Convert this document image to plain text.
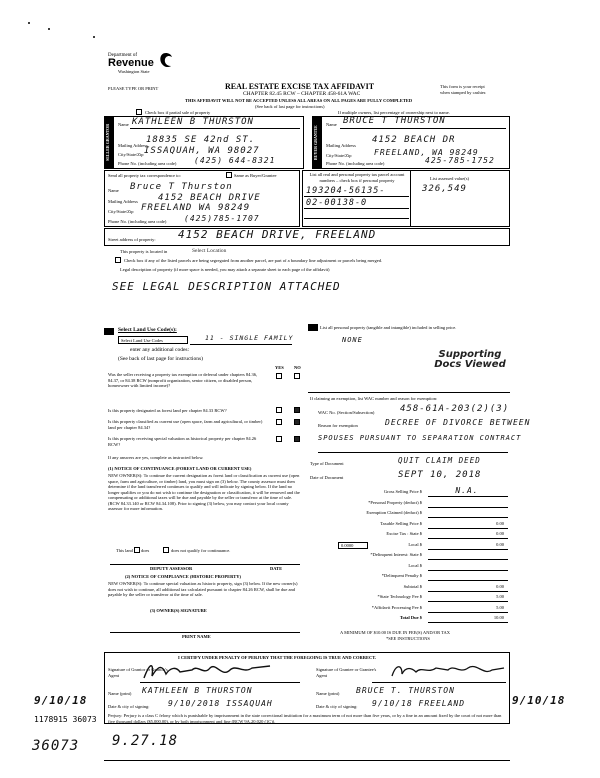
Department of
Revenue
Washington State
PLEASE TYPE OR PRINT	REAL ESTATE EXCISE TAX AFFIDAVIT
CHAPTER 82.45 RCW – CHAPTER 458-61A WAC
THIS AFFIDAVIT WILL NOT BE ACCEPTED UNLESS ALL AREAS ON ALL PAGES ARE FULLY COMPLETED
(See back of last page for instructions)
This form is your receipt
when stamped by cashier.
Check box if partial sale of property	If multiple owners, list percentage of ownership next to name.
SELLER GRANTOR	Name KATHLEEN B THURSTON
Mailing Address
18835 SE 42nd ST.
City/State/Zip ISSAQUAH, WA 98027
Phone No. (including area code) (425) 644-8321
BUYER GRANTEE
Name BRUCE T THURSTON
Mailing Address
4152 BEACH DR
City/State/Zip	FREELAND, WA 98249
Phone No. (including area code)	425-785-1752
Send all property tax correspondence to:	Same as Buyer/Grantee
Name Bruce T Thurston
Mailing Address 4152 BEACH DRIVE
City/State/Zip FREELAND WA 98249
Phone No. (including area code) (425)785-1707
List all real and personal property tax parcel account numbers – check box if personal property	List assessed value(s)
193204-56135-
02-00138-0
326,549
Street address of property: 4152 BEACH DRIVE, FREELAND
This property is located in	Select Location
Check box if any of the listed parcels are being segregated from another parcel, are part of a boundary line adjustment or parcels being merged.
Legal description of property (if more space is needed, you may attach a separate sheet to each page of the affidavit)
SEE LEGAL DESCRIPTION ATTACHED
Select Land Use Code(s):
Select Land Use Codes	11 - SINGLE FAMILY
enter any additional codes:
(See back of last page for instructions)
YES NO
Was the seller receiving a property tax exemption or deferral under chapters 84.36, 84.37, or 84.38 RCW (nonprofit organization, senior citizen, or disabled person, homeowner with limited income)?
Is this property designated as forest land per chapter 84.33 RCW?
Is this property classified as current use (open space, farm and agricultural, or timber) land per chapter 84.34?
Is this property receiving special valuation as historical property per chapter 84.26 RCW?
If any answers are yes, complete as instructed below.
(1) NOTICE OF CONTINUANCE (FOREST LAND OR CURRENT USE)
NEW OWNER(S): To continue the current designation as forest land or classification as current use (open space, farm and agriculture, or timber) land, you must sign on (3) below. The county assessor must then determine if the land transferred continues to qualify and will indicate by signing below. If the land no longer qualifies or you do not wish to continue the designation or classification, it will be removed and the compensating or additional taxes will be due and payable by the seller or transferor at the time of sale. (RCW 84.33.140 or RCW 84.34.108). Prior to signing (3) below, you may contact your local county assessor for more information.
This land does	does not qualify for continuance.
DEPUTY ASSESSOR	DATE
(2) NOTICE OF COMPLIANCE (HISTORIC PROPERTY)
NEW OWNER(S): To continue special valuation as historic property, sign (3) below. If the new owner(s) does not wish to continue, all additional tax calculated pursuant to chapter 84.26 RCW, shall be due and payable by the seller or transferor at the time of sale.
(3) OWNER(S) SIGNATURE
PRINT NAME
List all personal property (tangible and intangible) included in selling price.
NONE
Supporting
Docs Viewed
If claiming an exemption, list WAC number and reason for exemption:
WAC No. (Section/Subsection)	458-61A-203(2)(3)
Reason for exemption	DECREE OF DIVORCE BETWEEN
SPOUSES PURSUANT TO SEPARATION CONTRACT
Type of Document	QUIT CLAIM DEED
Date of Document	SEPT 10, 2018
Gross Selling Price $	N.A.
*Personal Property (deduct) $
Exemption Claimed (deduct) $
Taxable Selling Price $	0.00
Excise Tax : State $	0.00
Local $	0.00
*Delinquent Interest: State $
Local $
*Delinquent Penalty $
Subtotal $	0.00
*State Technology Fee $	5.00
*Affidavit Processing Fee $	5.00
Total Due $	10.00
0.0000
A MINIMUM OF $10.00 IS DUE IN FEE(S) AND/OR TAX
*SEE INSTRUCTIONS
I CERTIFY UNDER PENALTY OF PERJURY THAT THE FOREGOING IS TRUE AND CORRECT.
Signature of Grantor or Grantor's Agent
Signature of Grantee or Grantee's Agent
Name (print) KATHLEEN B THURSTON	Name (print) BRUCE T. THURSTON
Date & city of signing: 9/10/2018 ISSAQUAH	Date & city of signing: 9/10/18 FREELAND
Perjury: Perjury is a class C felony which is punishable by imprisonment in the state correctional institution for a maximum term of not more than five years, or by a fine in an amount fixed by the court of not more than five thousand dollars ($5,000.00), or by both imprisonment and fine (RCW 9A.20.020 (1C)).
9/10/18	9/10/18
1178915 36073
36073 9.27.18
